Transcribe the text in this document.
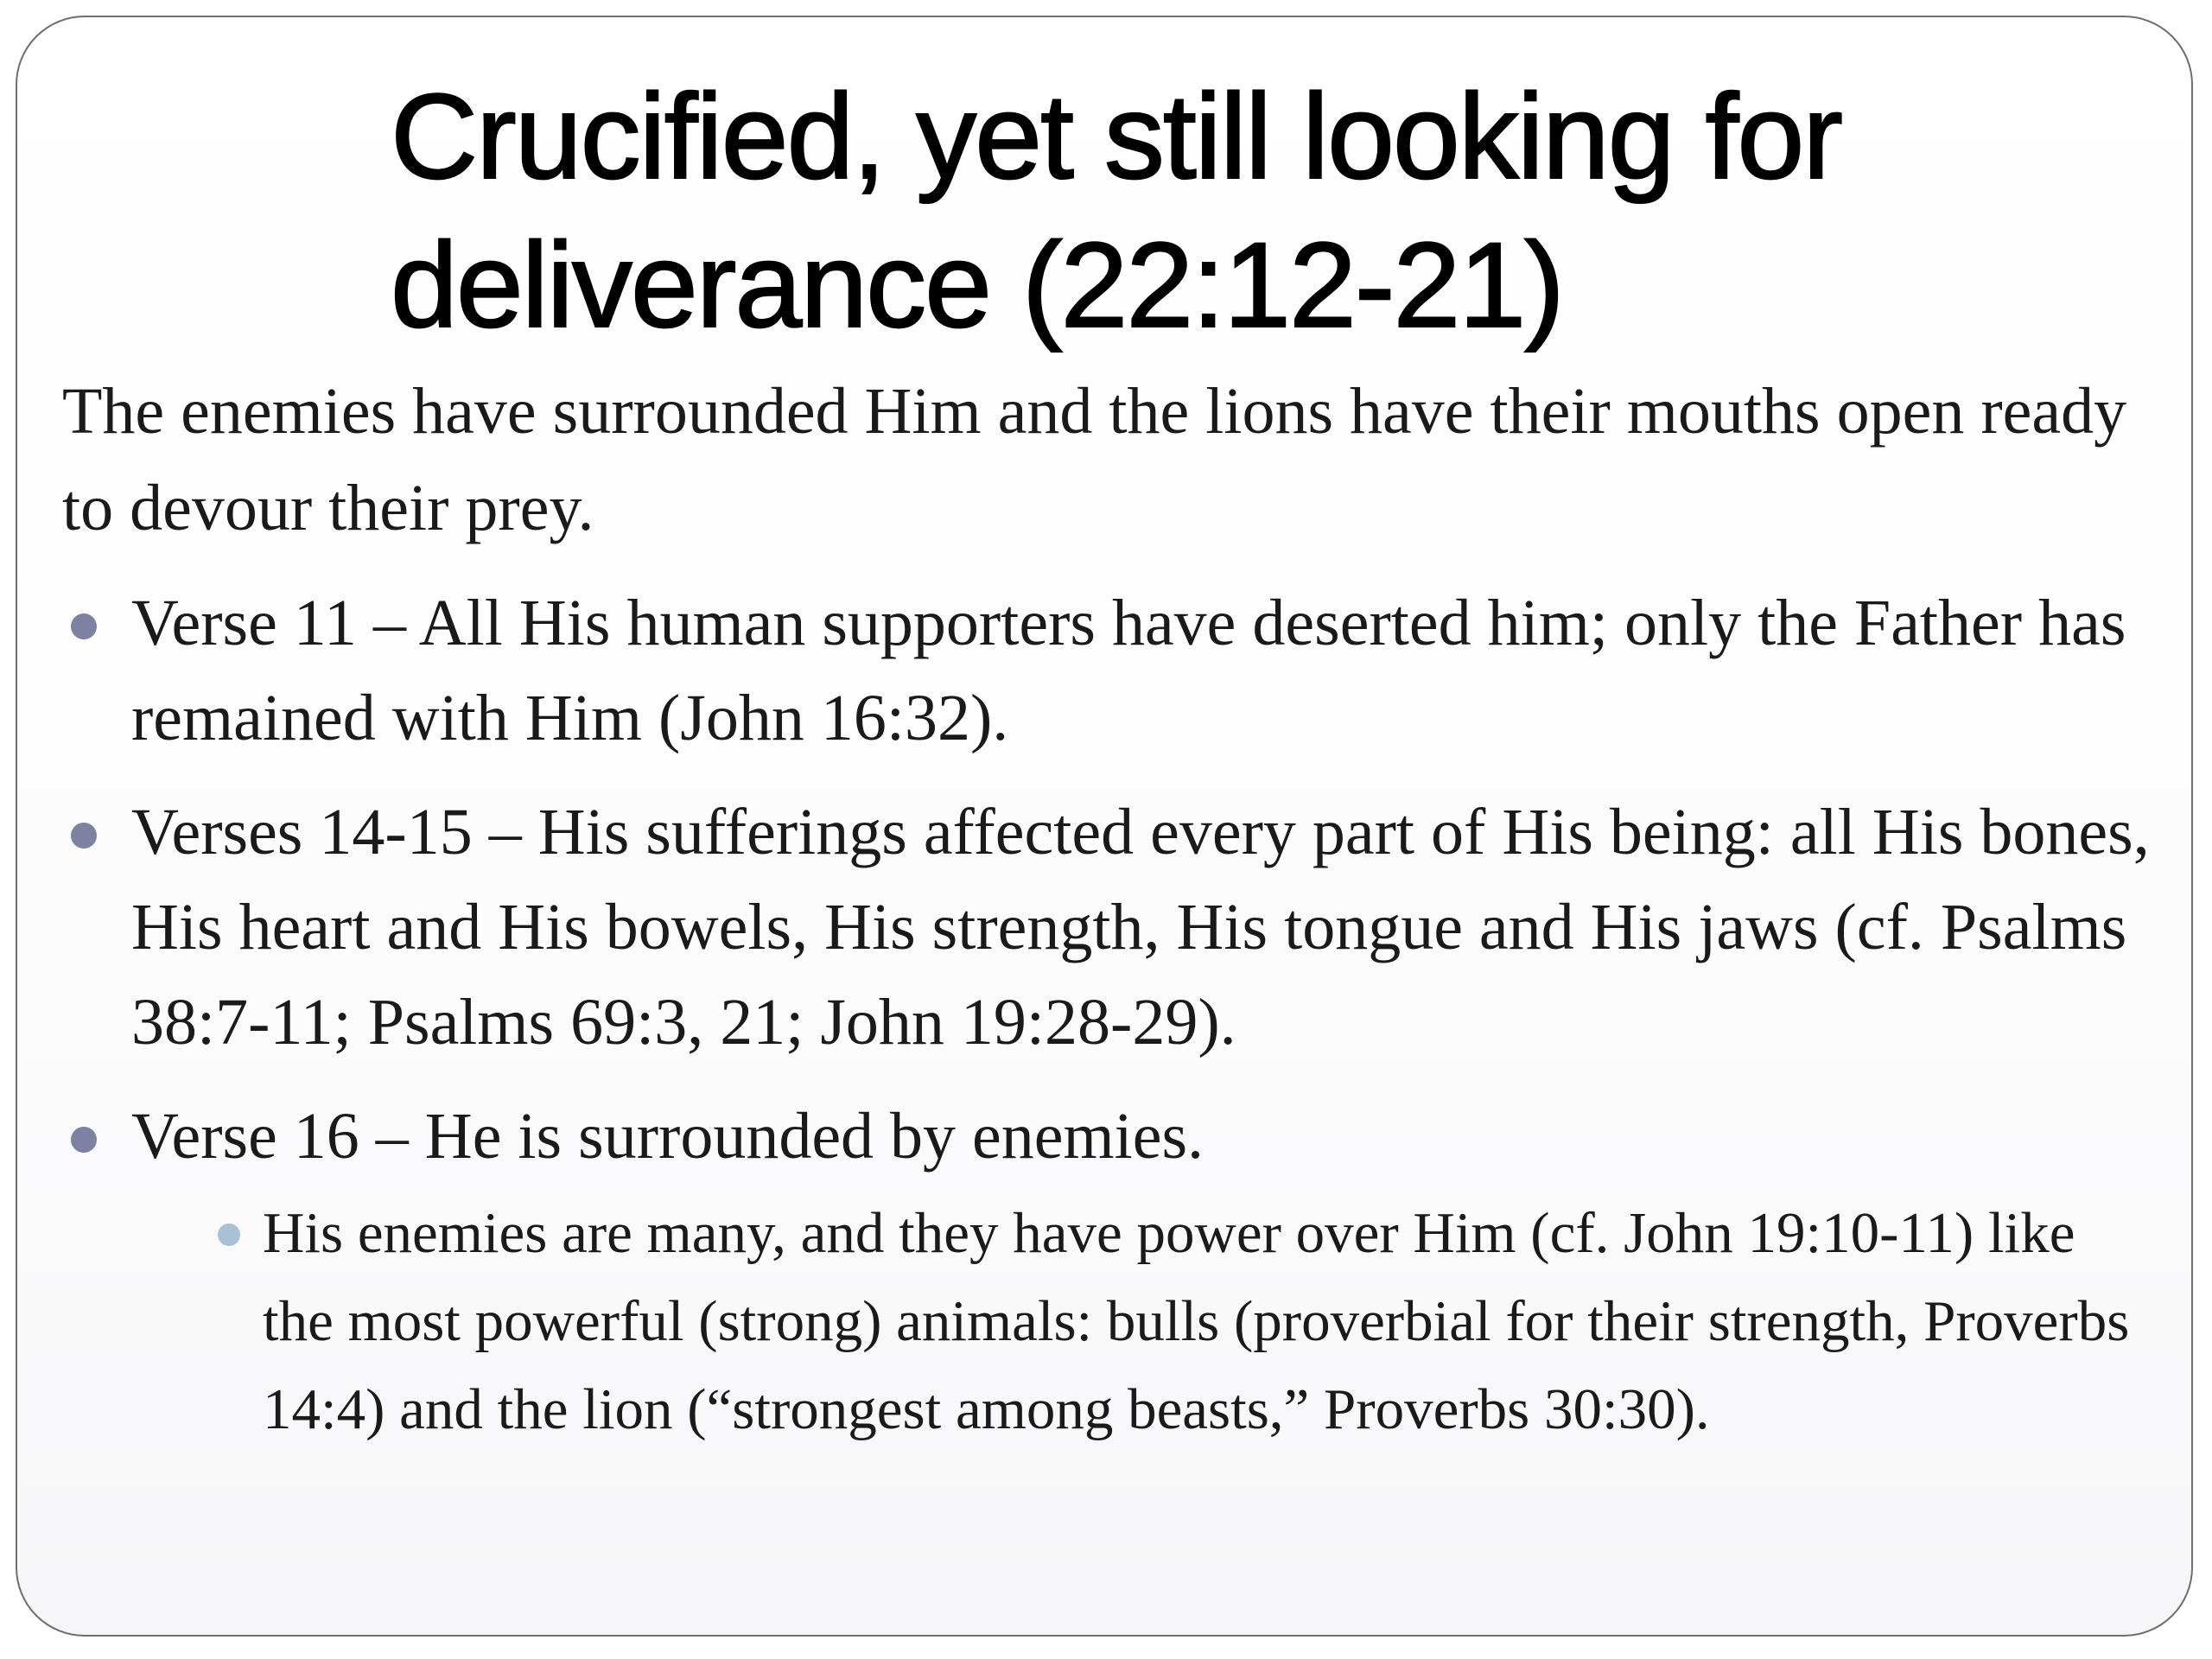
Crucified, yet still looking for
deliverance (22:12-21)

The enemies have surrounded Him and the lions have their mouths open ready to devour their prey.

Verse 11 – All His human supporters have deserted him; only the Father has remained with Him (John 16:32).
Verses 14-15 – His sufferings affected every part of His being: all His bones, His heart and His bowels, His strength, His tongue and His jaws (cf. Psalms 38:7-11; Psalms 69:3, 21; John 19:28-29).
Verse 16 – He is surrounded by enemies.
His enemies are many, and they have power over Him (cf. John 19:10-11) like the most powerful (strong) animals: bulls (proverbial for their strength, Proverbs 14:4) and the lion (“strongest among beasts,” Proverbs 30:30).
